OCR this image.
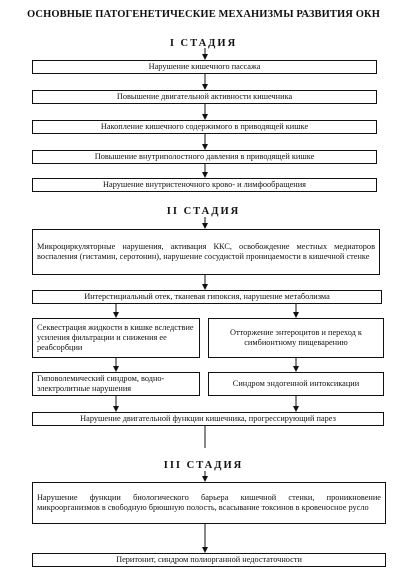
ОСНОВНЫЕ ПАТОГЕНЕТИЧЕСКИЕ МЕХАНИЗМЫ РАЗВИТИЯ ОКН
I СТАДИЯ
Нарушение кишечного пассажа
Повышение двигательной активности кишечника
Накопление кишечного содержимого в приводящей кишке
Повышение внутриполостного давления в приводящей кишке
Нарушение внутристеночного крово- и лимфообращения
II СТАДИЯ
Микроциркуляторные нарушения, активация ККС, освобождение местных медиаторов воспаления (гистамин, серотонин), нарушение сосудистой проницаемости в кишечной стенке
Интерстициальный отек, тканевая гипоксия, нарушение метаболизма
Секвестрация жидкости в кишке вследствие усиления фильтрации и снижения ее реабсорбции
Отторжение энтероцитов и переход к симбионтному пищеварению
Гиповолемический синдром, водно-электролитные нарушения
Синдром эндогенной интоксикации
Нарушение двигательной функции кишечника, прогрессирующий парез
III СТАДИЯ
Нарушение функции биологического барьера кишечной стенки, проникновение микроорганизмов в свободную брюшную полость, всасывание токсинов в кровеносное русло
Перитонит, синдром полиорганной недостаточности
